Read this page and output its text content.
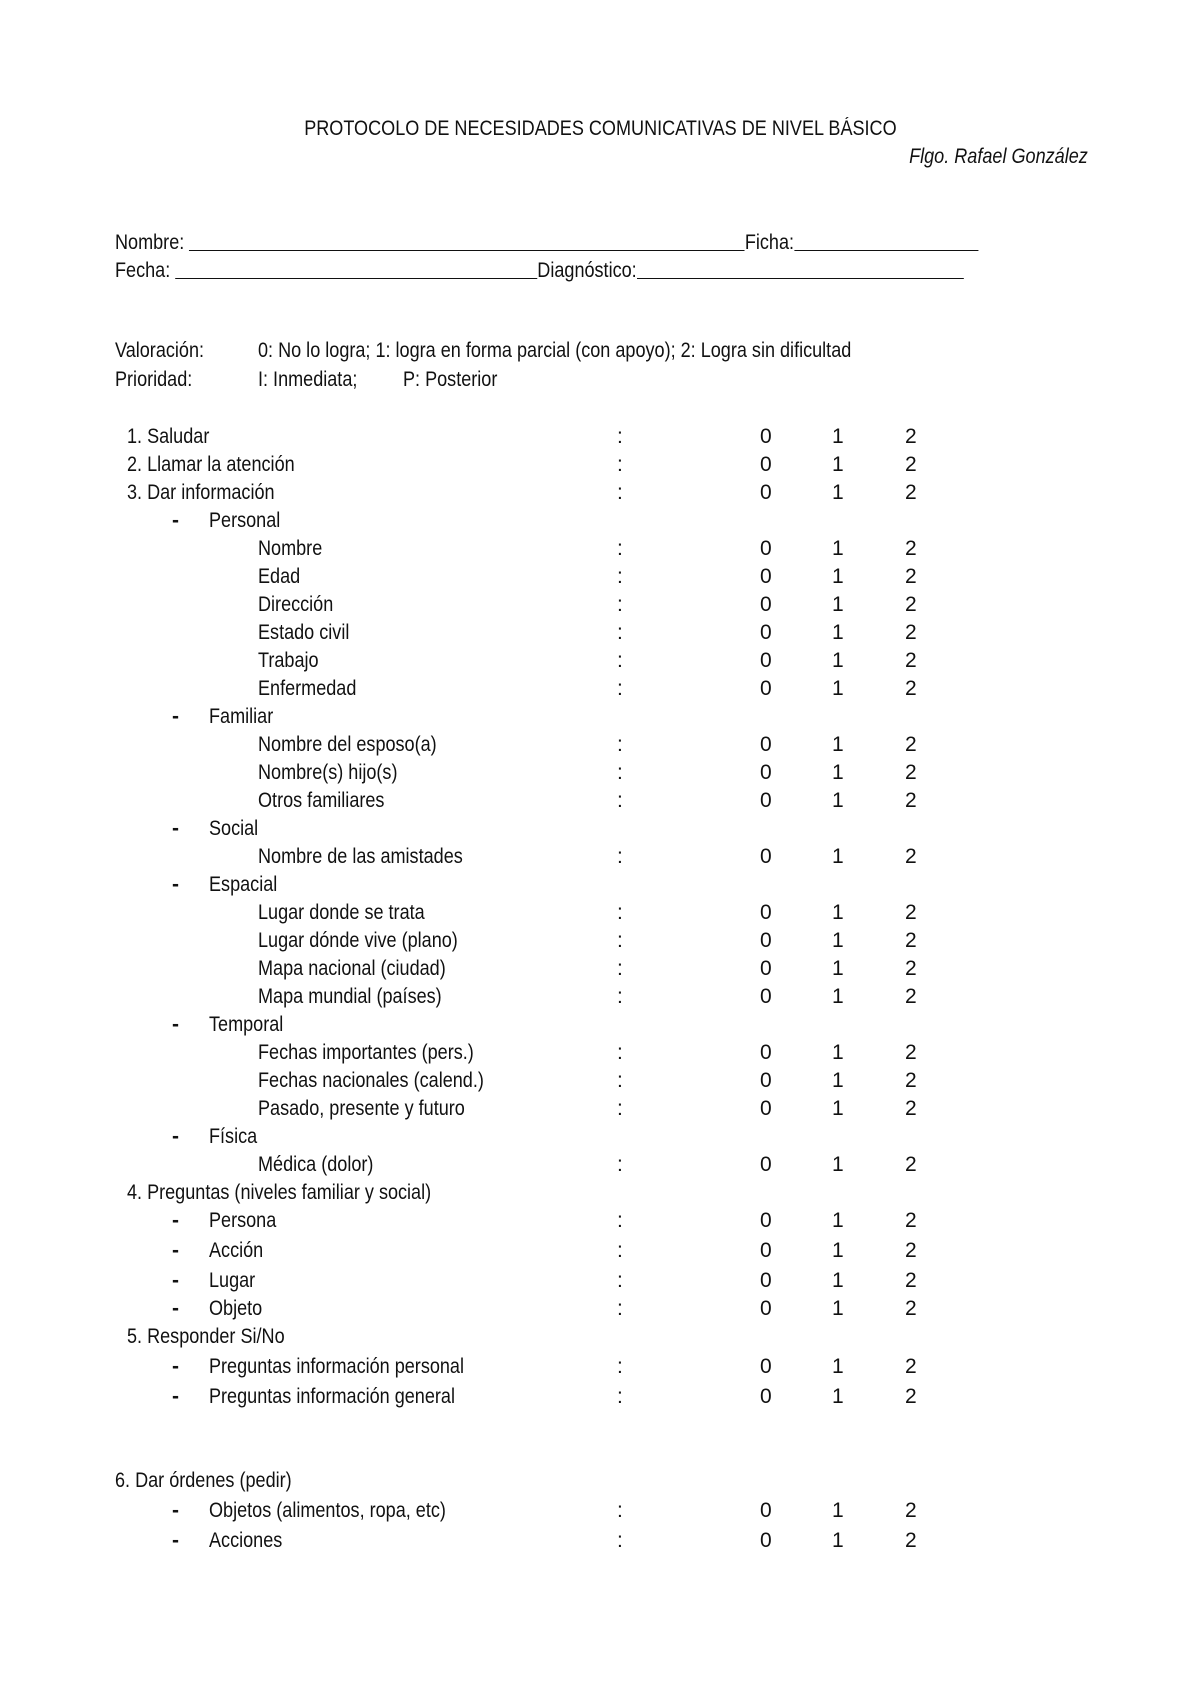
PROTOCOLO DE NECESIDADES COMUNICATIVAS DE NIVEL BÁSICO
Flgo. Rafael González
Nombre:	Ficha:
Fecha:	Diagnóstico:
Valoración:	0: No lo logra; 1: logra en forma parcial (con apoyo); 2: Logra sin dificultad
Prioridad:	I: Inmediata;	P: Posterior
1. Saludar	:	0	1	2
2. Llamar la atención	:	0	1	2
3. Dar información	:	0	1	2
- Personal
Nombre	:	0	1	2
Edad	:	0	1	2
Dirección	:	0	1	2
Estado civil	:	0	1	2
Trabajo	:	0	1	2
Enfermedad	:	0	1	2
- Familiar
Nombre del esposo(a)	:	0	1	2
Nombre(s) hijo(s)	:	0	1	2
Otros familiares	:	0	1	2
- Social
Nombre de las amistades	:	0	1	2
- Espacial
Lugar donde se trata	:	0	1	2
Lugar dónde vive (plano)	:	0	1	2
Mapa nacional (ciudad)	:	0	1	2
Mapa mundial (países)	:	0	1	2
- Temporal
Fechas importantes (pers.)	:	0	1	2
Fechas nacionales (calend.)	:	0	1	2
Pasado, presente y futuro	:	0	1	2
- Física
Médica (dolor)	:	0	1	2
4. Preguntas (niveles familiar y social)
- Persona	:	0	1	2
- Acción	:	0	1	2
- Lugar	:	0	1	2
- Objeto	:	0	1	2
5. Responder Si/No
- Preguntas información personal	:	0	1	2
- Preguntas información general	:	0	1	2
6. Dar órdenes (pedir)
- Objetos (alimentos, ropa, etc)	:	0	1	2
- Acciones	:	0	1	2
